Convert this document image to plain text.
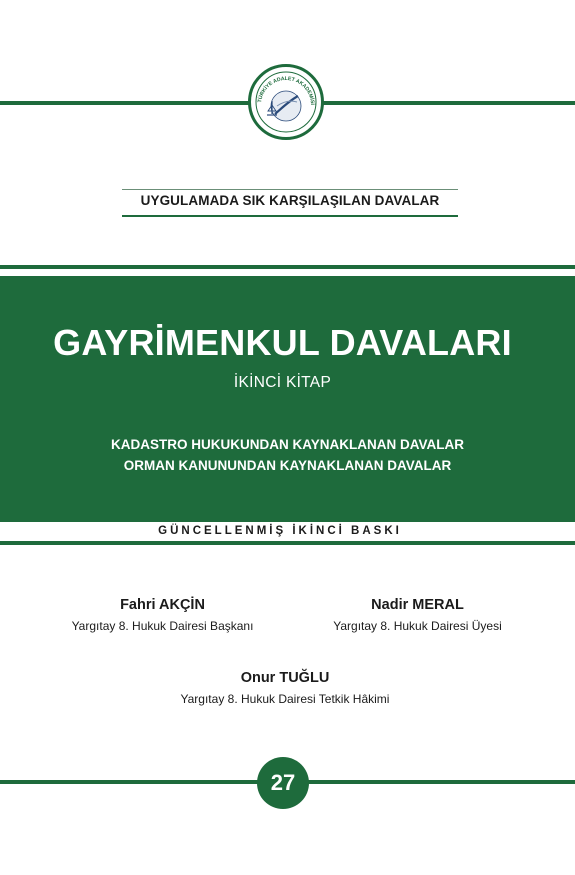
TÜRKİYE ADALET AKADEMİSİ
UYGULAMADA SIK KARŞILAŞILAN DAVALAR
GAYRİMENKUL DAVALARI
İKİNCİ KİTAP
KADASTRO HUKUKUNDAN KAYNAKLANAN DAVALAR
ORMAN KANUNUNDAN KAYNAKLANAN DAVALAR
GÜNCELLENMİŞ İKİNCİ BASKI
Fahri AKÇİN
Yargıtay 8. Hukuk Dairesi Başkanı
Nadir MERAL
Yargıtay 8. Hukuk Dairesi Üyesi
Onur TUĞLU
Yargıtay 8. Hukuk Dairesi Tetkik Hâkimi
27
